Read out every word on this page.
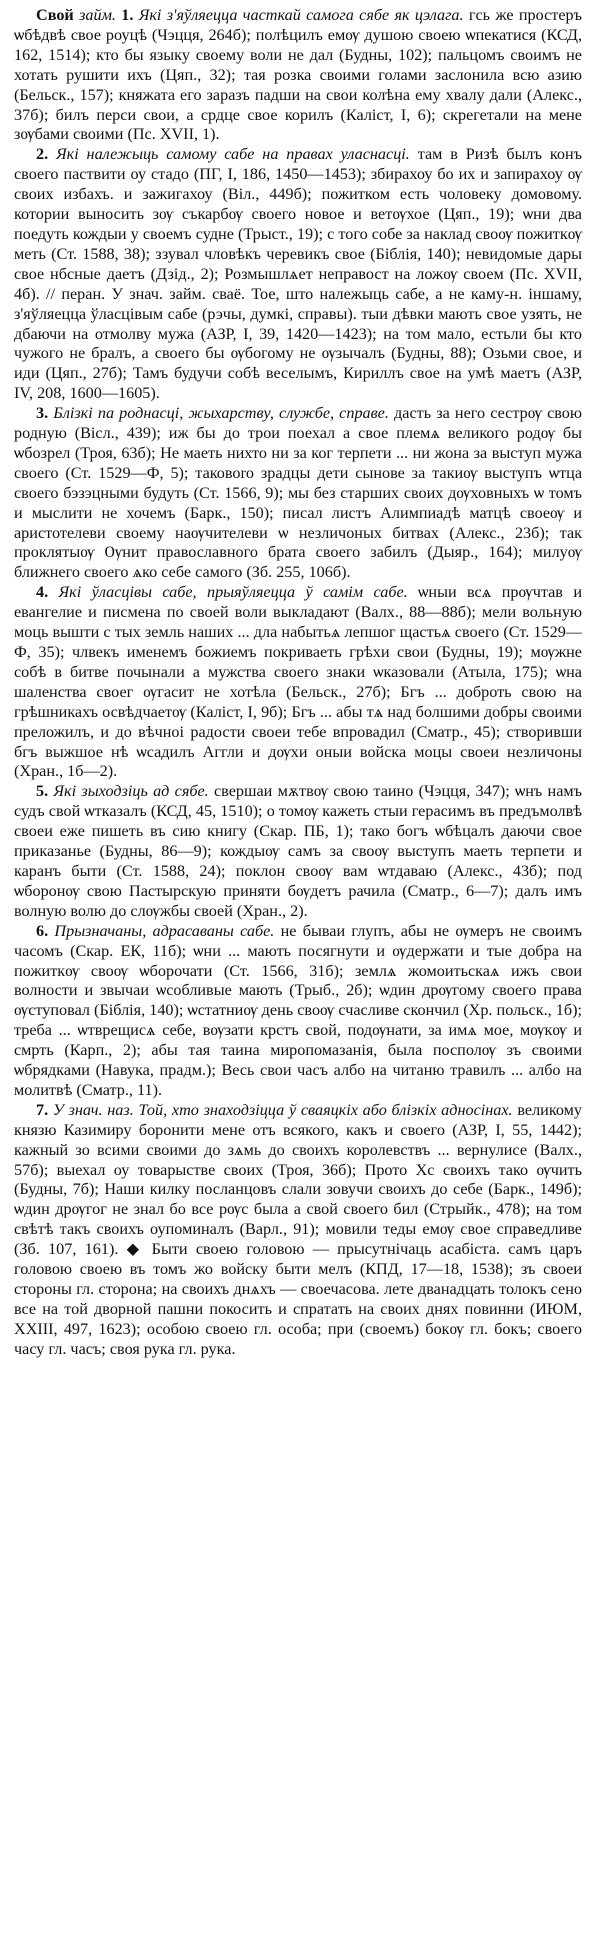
Свой займ. 1. Які з'яўляецца часткай самога сябе як цэлага. гсь же простеръ ѡбѣдвѣ свое роуцѣ (Чэцця, 264б); полѣцилъ емѹ душою своею ѡпекатися (КСД, 162, 1514); кто бы языку своему воли не дал (Будны, 102); пальцомъ своимъ не хотать рушити ихъ (Цяп., 32); тая розка своими голами заслонила всю азию (Бельск., 157); княжата его заразъ падши на свои колѣна ему хвалу дали (Алекс., 37б); билъ перси свои, а срдце свое корилъ (Каліст, I, 6); скрегетали на мене зѹбами своими (Пс. XVII, 1).

2. Які належыць самому сабе на правах уласнасці. там в Ризѣ былъ конъ своего паствити оу стадо (ПГ, I, 186, 1450—1453); збирахоу бо их и запирахоу ѹ своих избахъ. и зажигахоу (Віл., 449б); пожитком есть чоловеку домовому. котории выносить зѹ съкарбѹ своего новое и ветѹхое (Цяп., 19); ѡни два поедуть кождыи у своемъ судне (Трыст., 19); с того собе за наклад своѹ пожиткѹ меть (Ст. 1588, 38); ззувал чловѣкъ черевикъ свое (Біблія, 140); невидомые дары свое нбсные даетъ (Дзід., 2); Розмышлѧет неправост на ложѹ своем (Пс. XVII, 4б). // перан. У знач. займ. сваё. Тое, што належыць сабе, а не каму-н. іншаму, з'яўляецца ўласцівым сабе (рэчы, думкі, справы). тыи дѣвки мають свое узять, не дбаючи на отмолву мужа (АЗР, I, 39, 1420—1423); на том мало, естьли бы кто чужого не бралъ, а своего бы ѹбогому не ѹзычалъ (Будны, 88); Озьми свое, и иди (Цяп., 27б); Тамъ будучи собѣ веселымъ, Кириллъ свое на умѣ маетъ (АЗР, IV, 208, 1600—1605).

3. Блізкі па роднасці, жыхарству, службе, справе. дасть за него сестрѹ свою родную (Вісл., 439); иж бы до трои поехал а свое племѧ великого родѹ бы ѡбозрел (Троя, 63б); Не маеть нихто ни за ког терпети ... ни жона за выступ мужа своего (Ст. 1529—Ф, 5); таковоrо зрадцы дети сынове за такиѹ выступъ ѡтца своего бэзэцными будуть (Ст. 1566, 9); мы без старших своих дѹховныхъ ѡ томъ и мыслити не хочемъ (Барк., 150); писал листъ Алимпиадѣ матцѣ своеѹ и аристотелеви своему наѹчителеви ѡ незличоных битвах (Алекс., 23б); так проклятыѹ Ѹнит православного брата своего забилъ (Дыяр., 164); милуѹ ближнего своего ѧко себе самого (Зб. 255, 106б).

4. Які ўласцівы сабе, прыяўляецца ў самім сабе. ѡныи всѧ прѹчтав и евангелие и писмена по своей воли выкладают (Валх., 88—88б); мели вольную моць вышти с тых земль наших ... дла набытьѧ лепшог щастьѧ своего (Ст. 1529—Ф, 35); члвекъ именемъ божиемъ покриваеть грѣхи свои (Будны, 19); мѹжне собѣ в битве почынали а мужства своего знаки ѡказовали (Атыла, 175); ѡна шаленства своег ѹгасит не хотѣла (Бельск., 27б); Бгъ ... доброть свою на грѣшникахъ освѣдчаетѹ (Каліст, I, 9б); Бгъ ... абы тѧ над болшими добры своими преложилъ, и до вѣчноі радости своеи тебе впровадил (Сматр., 45); створивши бгъ выжшое нѣ ѡсадилъ Аггли и дѹхи оныи войска моцы своеи незличоны (Хран., 1б—2).

5. Які зыходзіць ад сябе. свершаи мѫтвѹ свою таино (Чэцця, 347); ѡнъ намъ судъ свой ѡтказалъ (КСД, 45, 1510); о томѹ кажеть стыи герасимъ въ предъмолвѣ своеи еже пишеть въ сию книгу (Скар. ПБ, 1); тако богъ ѡбѣцалъ даючи свое приказанье (Будны, 86—9); кождыѹ самъ за своѹ выступъ маеть терпети и каранъ быти (Ст. 1588, 24); поклон своѹ вам ѡтдаваю (Алекс., 43б); под ѡборонѹ свою Пастырскую приняти бѹдетъ рачила (Сматр., 6—7); далъ имъ волную волю до слѹжбы своей (Хран., 2).

6. Прызначаны, адрасаваны сабе. не бываи глупъ, абы не ѹмеръ не своимъ часомъ (Скар. ЕК, 11б); ѡни ... мають посягнути и ѹдержати и тые добра на пожиткѹ своѹ ѡборочати (Ст. 1566, 31б); землѧ жомоитьскаѧ ижъ свои волности и звычаи ѡсобливые мають (Трыб., 2б); ѡдин дрѹгому своего права ѹступовал (Біблія, 140); ѡстатниѹ день своѹ счасливе скончил (Хр. польск., 1б); треба ... ѡтврещисѧ себе, вѹзати крстъ свой, подѹнати, за имѧ мое, мѹкѹ и смрть (Карп., 2); абы тая таина миропомазанія, была посполѹ зъ своими ѡбрядками (Навука, прадм.); Весь свои часъ албо на читаню травилъ ... албо на молитвѣ (Сматр., 11).

7. У знач. наз. Той, хто знаходзіцца ў сваяцкіх або блізкіх адносінах. великому князю Казимиру боронити мене отъ всякого, какъ и своего (АЗР, I, 55, 1442); кажный зо всими своими до зѧмь до своихъ королевствъ ... вернулисе (Валх., 57б); выехал оу товарыстве своих (Троя, 36б); Прото Хс своихъ тако ѹчить (Будны, 7б); Наши килку посланцовъ слали зовучи своихъ до себе (Барк., 149б); ѡдин дрѹгог не знал бо все рѹс была а свой своего бил (Стрыйк., 478); на том свѣтѣ такъ своихъ оупоминалъ (Варл., 91); мовили теды емѹ свое справедливе (Зб. 107, 161). ◆ Быти своею головою — прысутнічаць асабіста. самъ царъ головою своею въ томъ жо войску быти мелъ (КПД, 17—18, 1538); зъ своеи стороны гл. сторона; на своихъ днѧхъ — своечасова. лете дванадцать толокъ сено все на той дворной пашни покосить и спратать на своих днях повинни (ИЮМ, XXIII, 497, 1623); особою своею гл. особа; при (своемъ) бокѹ гл. бокъ; своего часу гл. часъ; своя рука гл. рука.
